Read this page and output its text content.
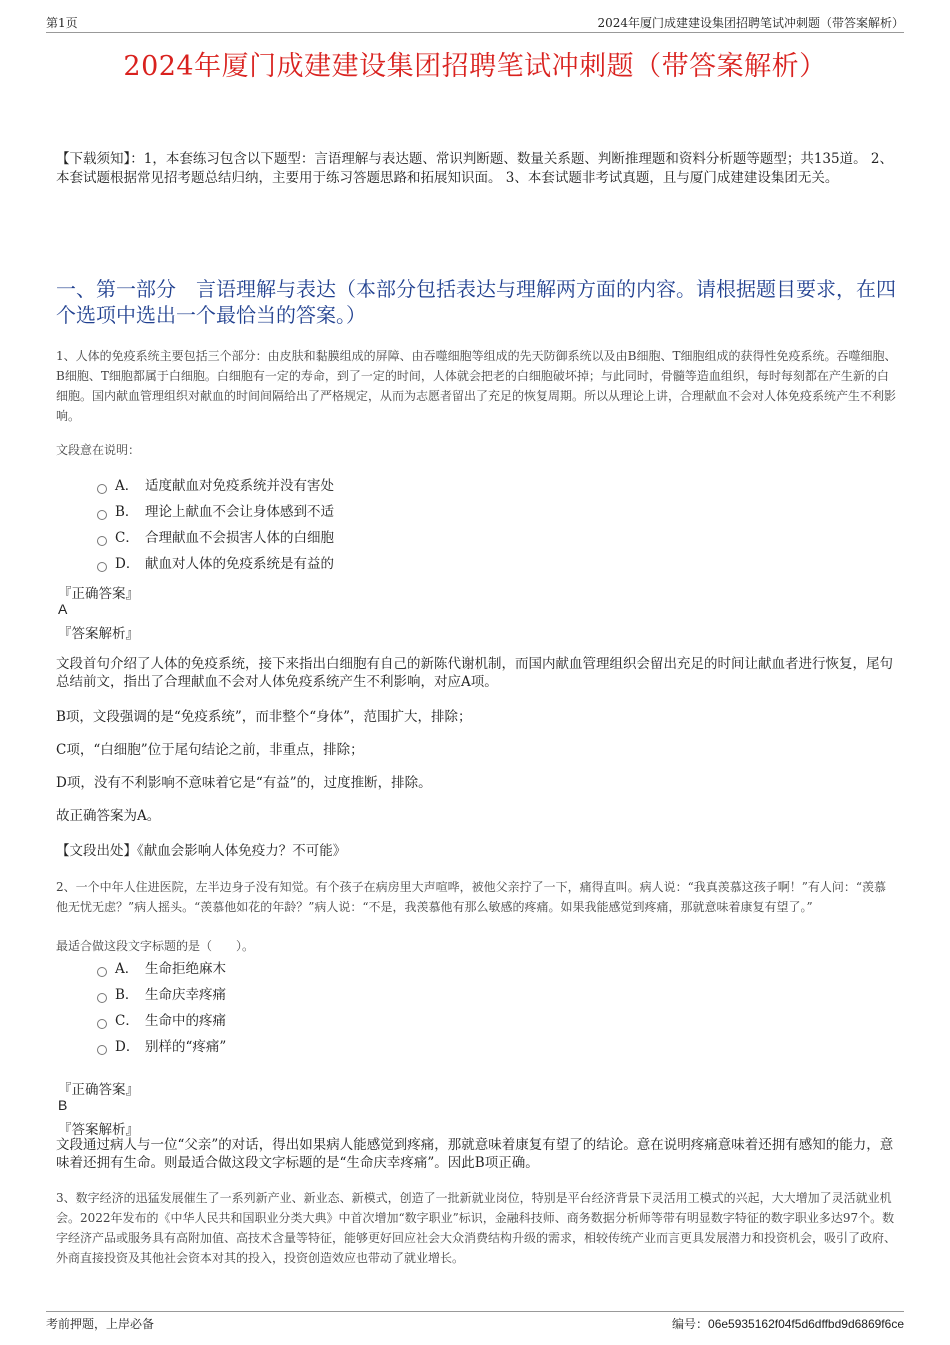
第1页	2024年厦门成建建设集团招聘笔试冲刺题（带答案解析）
2024年厦门成建建设集团招聘笔试冲刺题（带答案解析）
【下载须知】：1，本套练习包含以下题型：言语理解与表达题、常识判断题、数量关系题、判断推理题和资料分析题等题型；共135道。 2、本套试题根据常见招考题总结归纳，主要用于练习答题思路和拓展知识面。 3、本套试题非考试真题，且与厦门成建建设集团无关。
一、第一部分　言语理解与表达（本部分包括表达与理解两方面的内容。请根据题目要求，在四个选项中选出一个最恰当的答案。）
1、人体的免疫系统主要包括三个部分：由皮肤和黏膜组成的屏障、由吞噬细胞等组成的先天防御系统以及由B细胞、T细胞组成的获得性免疫系统。吞噬细胞、B细胞、T细胞都属于白细胞。白细胞有一定的寿命，到了一定的时间，人体就会把老的白细胞破坏掉；与此同时，骨髓等造血组织，每时每刻都在产生新的白细胞。国内献血管理组织对献血的时间间隔给出了严格规定，从而为志愿者留出了充足的恢复周期。所以从理论上讲，合理献血不会对人体免疫系统产生不利影响。
文段意在说明：
A． 适度献血对免疫系统并没有害处
B． 理论上献血不会让身体感到不适
C． 合理献血不会损害人体的白细胞
D． 献血对人体的免疫系统是有益的
『正确答案』
A
『答案解析』
文段首句介绍了人体的免疫系统，接下来指出白细胞有自己的新陈代谢机制，而国内献血管理组织会留出充足的时间让献血者进行恢复，尾句总结前文，指出了合理献血不会对人体免疫系统产生不利影响，对应A项。
B项，文段强调的是“免疫系统”，而非整个“身体”，范围扩大，排除；
C项，“白细胞”位于尾句结论之前，非重点，排除；
D项，没有不利影响不意味着它是“有益”的，过度推断，排除。
故正确答案为A。
【文段出处】《献血会影响人体免疫力？不可能》
2、一个中年人住进医院，左半边身子没有知觉。有个孩子在病房里大声喧哗，被他父亲拧了一下，痛得直叫。病人说：“我真羡慕这孩子啊！”有人问：“羡慕他无忧无虑？”病人摇头。“羡慕他如花的年龄？”病人说：“不是，我羡慕他有那么敏感的疼痛。如果我能感觉到疼痛，那就意味着康复有望了。”
最适合做这段文字标题的是（　　）。
A． 生命拒绝麻木
B． 生命庆幸疼痛
C． 生命中的疼痛
D． 别样的“疼痛”
『正确答案』
B
『答案解析』
文段通过病人与一位“父亲”的对话，得出如果病人能感觉到疼痛，那就意味着康复有望了的结论。意在说明疼痛意味着还拥有感知的能力，意味着还拥有生命。则最适合做这段文字标题的是“生命庆幸疼痛”。因此B项正确。
3、数字经济的迅猛发展催生了一系列新产业、新业态、新模式，创造了一批新就业岗位，特别是平台经济背景下灵活用工模式的兴起，大大增加了灵活就业机会。2022年发布的《中华人民共和国职业分类大典》中首次增加“数字职业”标识，金融科技师、商务数据分析师等带有明显数字特征的数字职业多达97个。数字经济产品或服务具有高附加值、高技术含量等特征，能够更好回应社会大众消费结构升级的需求，相较传统产业而言更具发展潜力和投资机会，吸引了政府、外商直接投资及其他社会资本对其的投入，投资创造效应也带动了就业增长。
考前押题，上岸必备	编号：06e5935162f04f5d6dffbd9d6869f6ce
